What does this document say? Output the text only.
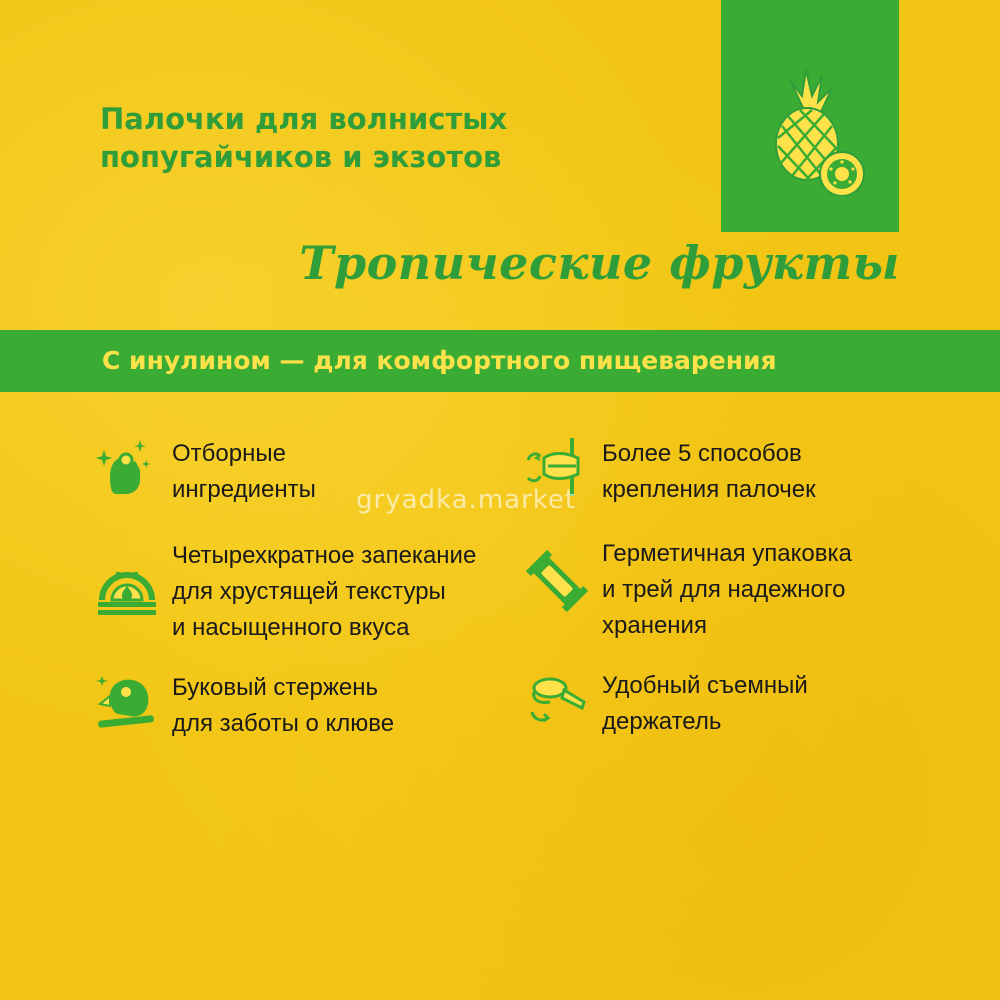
Палочки для волнистых
попугайчиков и экзотов
Тропические фрукты
С инулином — для комфортного пищеварения
Отборные
ингредиенты
Четырехкратное запекание
для хрустящей текстуры
и насыщенного вкуса
Буковый стержень
для заботы о клюве
Более 5 способов
крепления палочек
Герметичная упаковка
и трей для надежного
хранения
Удобный съемный
держатель
gryadka.market
